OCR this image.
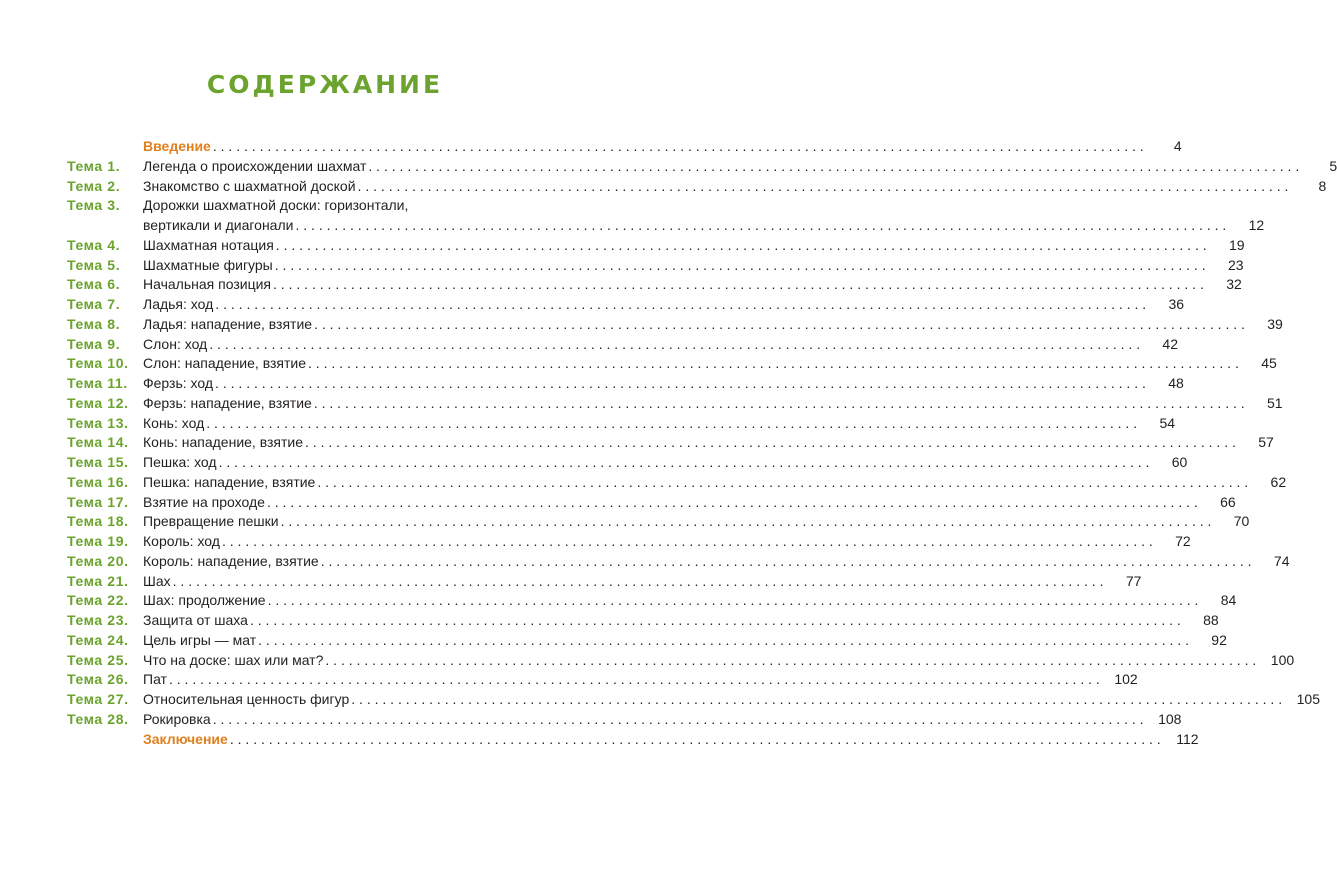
СОДЕРЖАНИЕ
Введение ........................................................................................................................	4
Тема 1.	Легенда о происхождении шахмат ........................................................................................................................	5
Тема 2.	Знакомство с шахматной доской ........................................................................................................................	8
Тема 3.	Дорожки шахматной доски: горизонтали,
вертикали и диагонали ........................................................................................................................	12
Тема 4.	Шахматная нотация ........................................................................................................................	19
Тема 5.	Шахматные фигуры ........................................................................................................................	23
Тема 6.	Начальная позиция ........................................................................................................................	32
Тема 7.	Ладья: ход ........................................................................................................................	36
Тема 8.	Ладья: нападение, взятие ........................................................................................................................	39
Тема 9.	Слон: ход ........................................................................................................................	42
Тема 10.	Слон: нападение, взятие ........................................................................................................................	45
Тема 11.	Ферзь: ход ........................................................................................................................	48
Тема 12.	Ферзь: нападение, взятие ........................................................................................................................	51
Тема 13.	Конь: ход ........................................................................................................................	54
Тема 14.	Конь: нападение, взятие ........................................................................................................................	57
Тема 15.	Пешка: ход ........................................................................................................................	60
Тема 16.	Пешка: нападение, взятие ........................................................................................................................	62
Тема 17.	Взятие на проходе ........................................................................................................................	66
Тема 18.	Превращение пешки ........................................................................................................................	70
Тема 19.	Король: ход ........................................................................................................................	72
Тема 20.	Король: нападение, взятие ........................................................................................................................	74
Тема 21.	Шах ........................................................................................................................	77
Тема 22.	Шах: продолжение ........................................................................................................................	84
Тема 23.	Защита от шаха ........................................................................................................................	88
Тема 24.	Цель игры — мат ........................................................................................................................	92
Тема 25.	Что на доске: шах или мат? ........................................................................................................................ 100
Тема 26.	Пат ........................................................................................................................ 102
Тема 27.	Относительная ценность фигур ........................................................................................................................ 105
Тема 28.	Рокировка ........................................................................................................................ 108
Заключение ........................................................................................................................ 112
